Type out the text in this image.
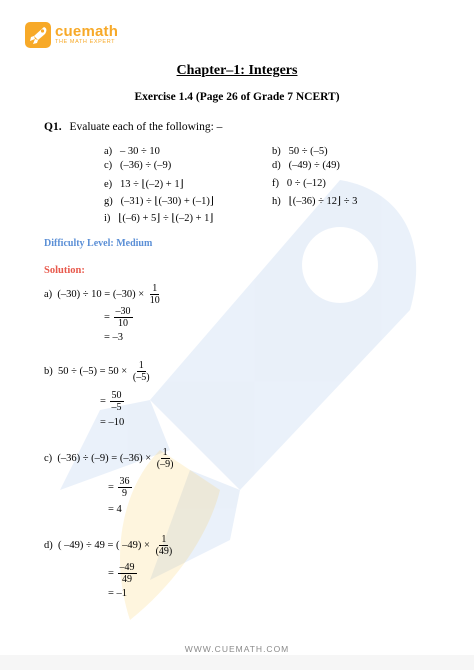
cuemath
THE MATH EXPERT
Chapter–1: Integers
Exercise 1.4 (Page 26 of Grade 7 NCERT)
Q1. Evaluate each of the following: –
a) – 30 ÷ 10	b) 50 ÷ (–5)
c) (–36) ÷ (–9)	d) (–49) ÷ (49)
e) 13 ÷ ⌊(–2) + 1⌋	f) 0 ÷ (–12)
g) (–31) ÷ ⌊(–30) + (–1)⌋	h) ⌊(–36) ÷ 12⌋ ÷ 3
i) ⌊(–6) + 5⌋ ÷ ⌊(–2) + 1⌋
Difficulty Level: Medium
Solution:
a) $(-30) \div 10 = (-30) \times \frac{1}{10}$
= $\frac{-30}{10}$
= –3
b) $50 \div (-5) = 50 \times \frac{1}{(-5)}$
= $\frac{50}{-5}$
= –10
c) $(-36) \div (-9) = (-36) \times \frac{1}{(-9)}$
= $\frac{36}{9}$
= 4
d) ( –49) ÷ 49 = ( $-49) \times \frac{1}{(49)}$
= $\frac{-49}{49}$
= –1
WWW.CUEMATH.COM
